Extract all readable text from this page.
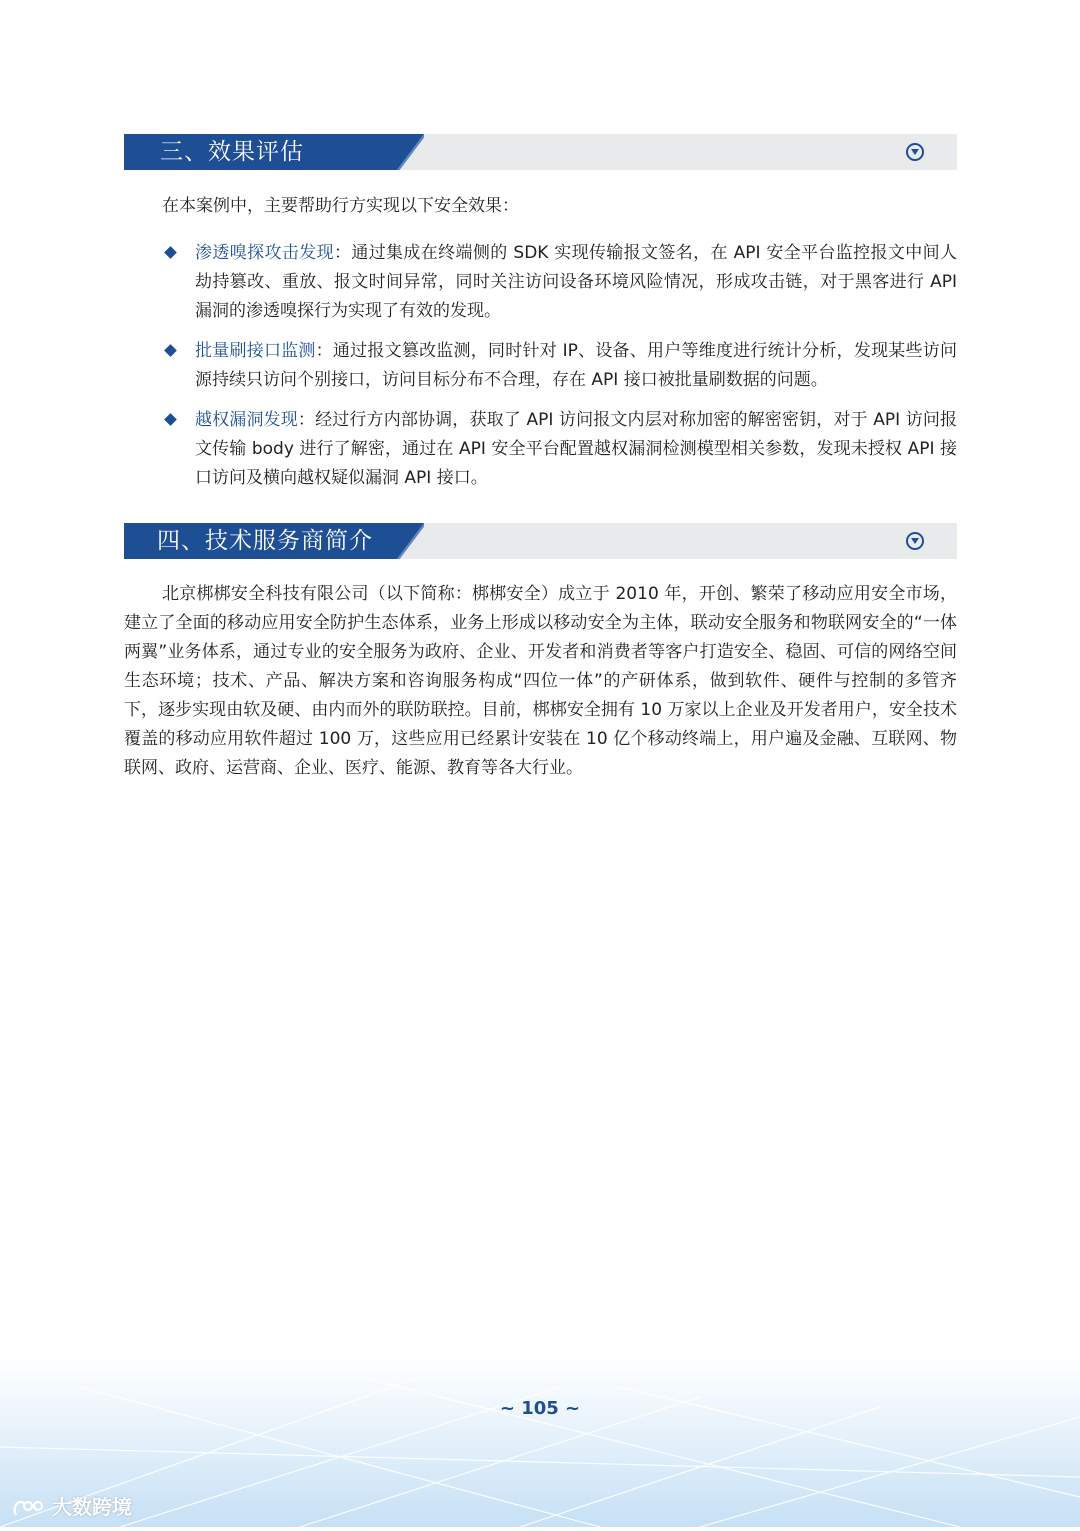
三、效果评估
在本案例中，主要帮助行方实现以下安全效果：
渗透嗅探攻击发现：通过集成在终端侧的 SDK 实现传输报文签名，在 API 安全平台监控报文中间人劫持篡改、重放、报文时间异常，同时关注访问设备环境风险情况，形成攻击链，对于黑客进行 API 漏洞的渗透嗅探行为实现了有效的发现。
批量刷接口监测：通过报文篡改监测，同时针对 IP、设备、用户等维度进行统计分析，发现某些访问源持续只访问个别接口，访问目标分布不合理，存在 API 接口被批量刷数据的问题。
越权漏洞发现：经过行方内部协调，获取了 API 访问报文内层对称加密的解密密钥，对于 API 访问报文传输 body 进行了解密，通过在 API 安全平台配置越权漏洞检测模型相关参数，发现未授权 API 接口访问及横向越权疑似漏洞 API 接口。
四、技术服务商简介
北京梆梆安全科技有限公司（以下简称：梆梆安全）成立于 2010 年，开创、繁荣了移动应用安全市场，建立了全面的移动应用安全防护生态体系，业务上形成以移动安全为主体，联动安全服务和物联网安全的“一体两翼”业务体系，通过专业的安全服务为政府、企业、开发者和消费者等客户打造安全、稳固、可信的网络空间生态环境；技术、产品、解决方案和咨询服务构成“四位一体”的产研体系，做到软件、硬件与控制的多管齐下，逐步实现由软及硬、由内而外的联防联控。目前，梆梆安全拥有 10 万家以上企业及开发者用户，安全技术覆盖的移动应用软件超过 100 万，这些应用已经累计安装在 10 亿个移动终端上，用户遍及金融、互联网、物联网、政府、运营商、企业、医疗、能源、教育等各大行业。
~ 105 ~
大数跨境
